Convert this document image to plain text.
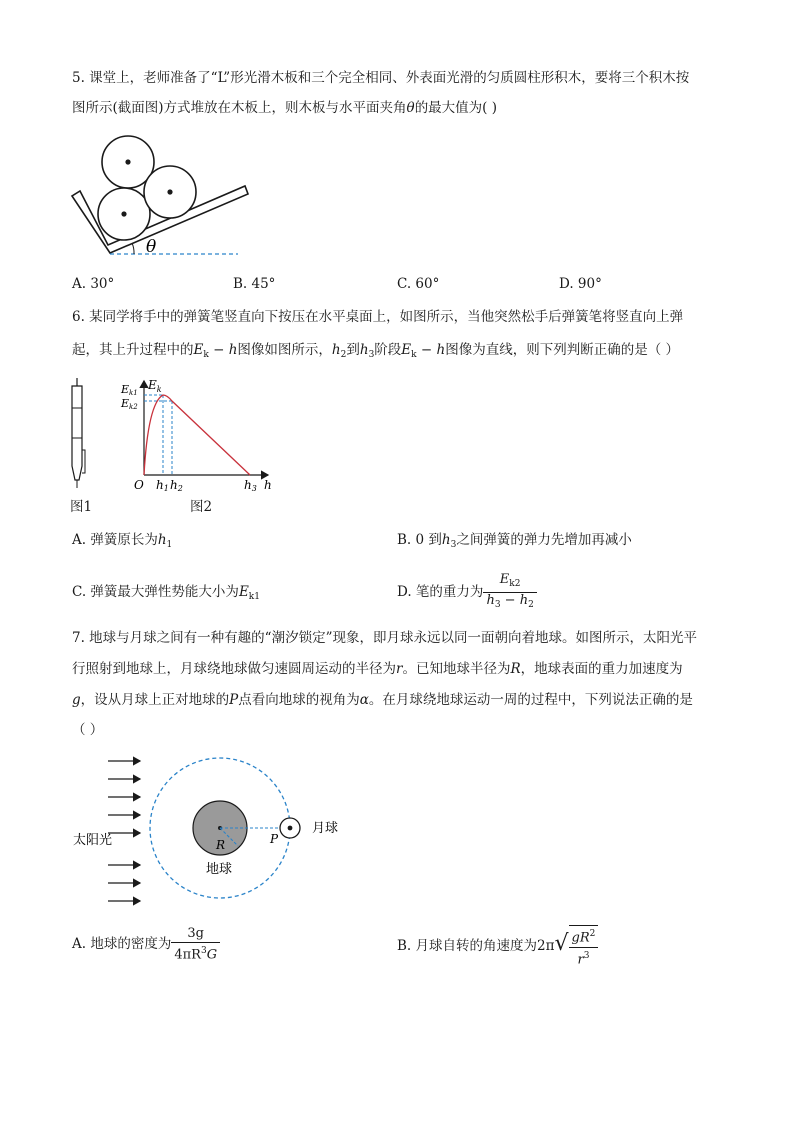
5. 课堂上，老师准备了“L”形光滑木板和三个完全相同、外表面光滑的匀质圆柱形积木，要将三个积木按
图所示(截面图)方式堆放在木板上，则木板与水平面夹角θ的最大值为( )
θ
A. 30°	B. 45°	C. 60°	D. 90°
6. 某同学将手中的弹簧笔竖直向下按压在水平桌面上，如图所示，当他突然松手后弹簧笔将竖直向上弹
起，其上升过程中的$E_k - h$图像如图所示，$h_2$到$h_3$阶段$E_k - h$图像为直线，则下列判断正确的是（ ）
图1
$E_k$
Ek1
Ek2
O h1 h2	h3 h
图2
A. 弹簧原长为$h_1$	B. 0 到$h_3$之间弹簧的弹力先增加再减小
C. 弹簧最大弹性势能大小为$E_{k1}$	D. 笔的重力为 $\frac{E_{k2}}{h_3 - h_2}$
7. 地球与月球之间有一种有趣的“潮汐锁定”现象，即月球永远以同一面朝向着地球。如图所示，太阳光平
行照射到地球上，月球绕地球做匀速圆周运动的半径为r。已知地球半径为R，地球表面的重力加速度为
g，设从月球上正对地球的P点看向地球的视角为α。在月球绕地球运动一周的过程中，下列说法正确的是
（ ）
太阳光	R
地球
P
月球
A. 地球的密度为 $\frac{3g}{4\pi R^3G}$	B. 月球自转的角速度为$2\pi√ \frac{gR^2}{r^3}$
